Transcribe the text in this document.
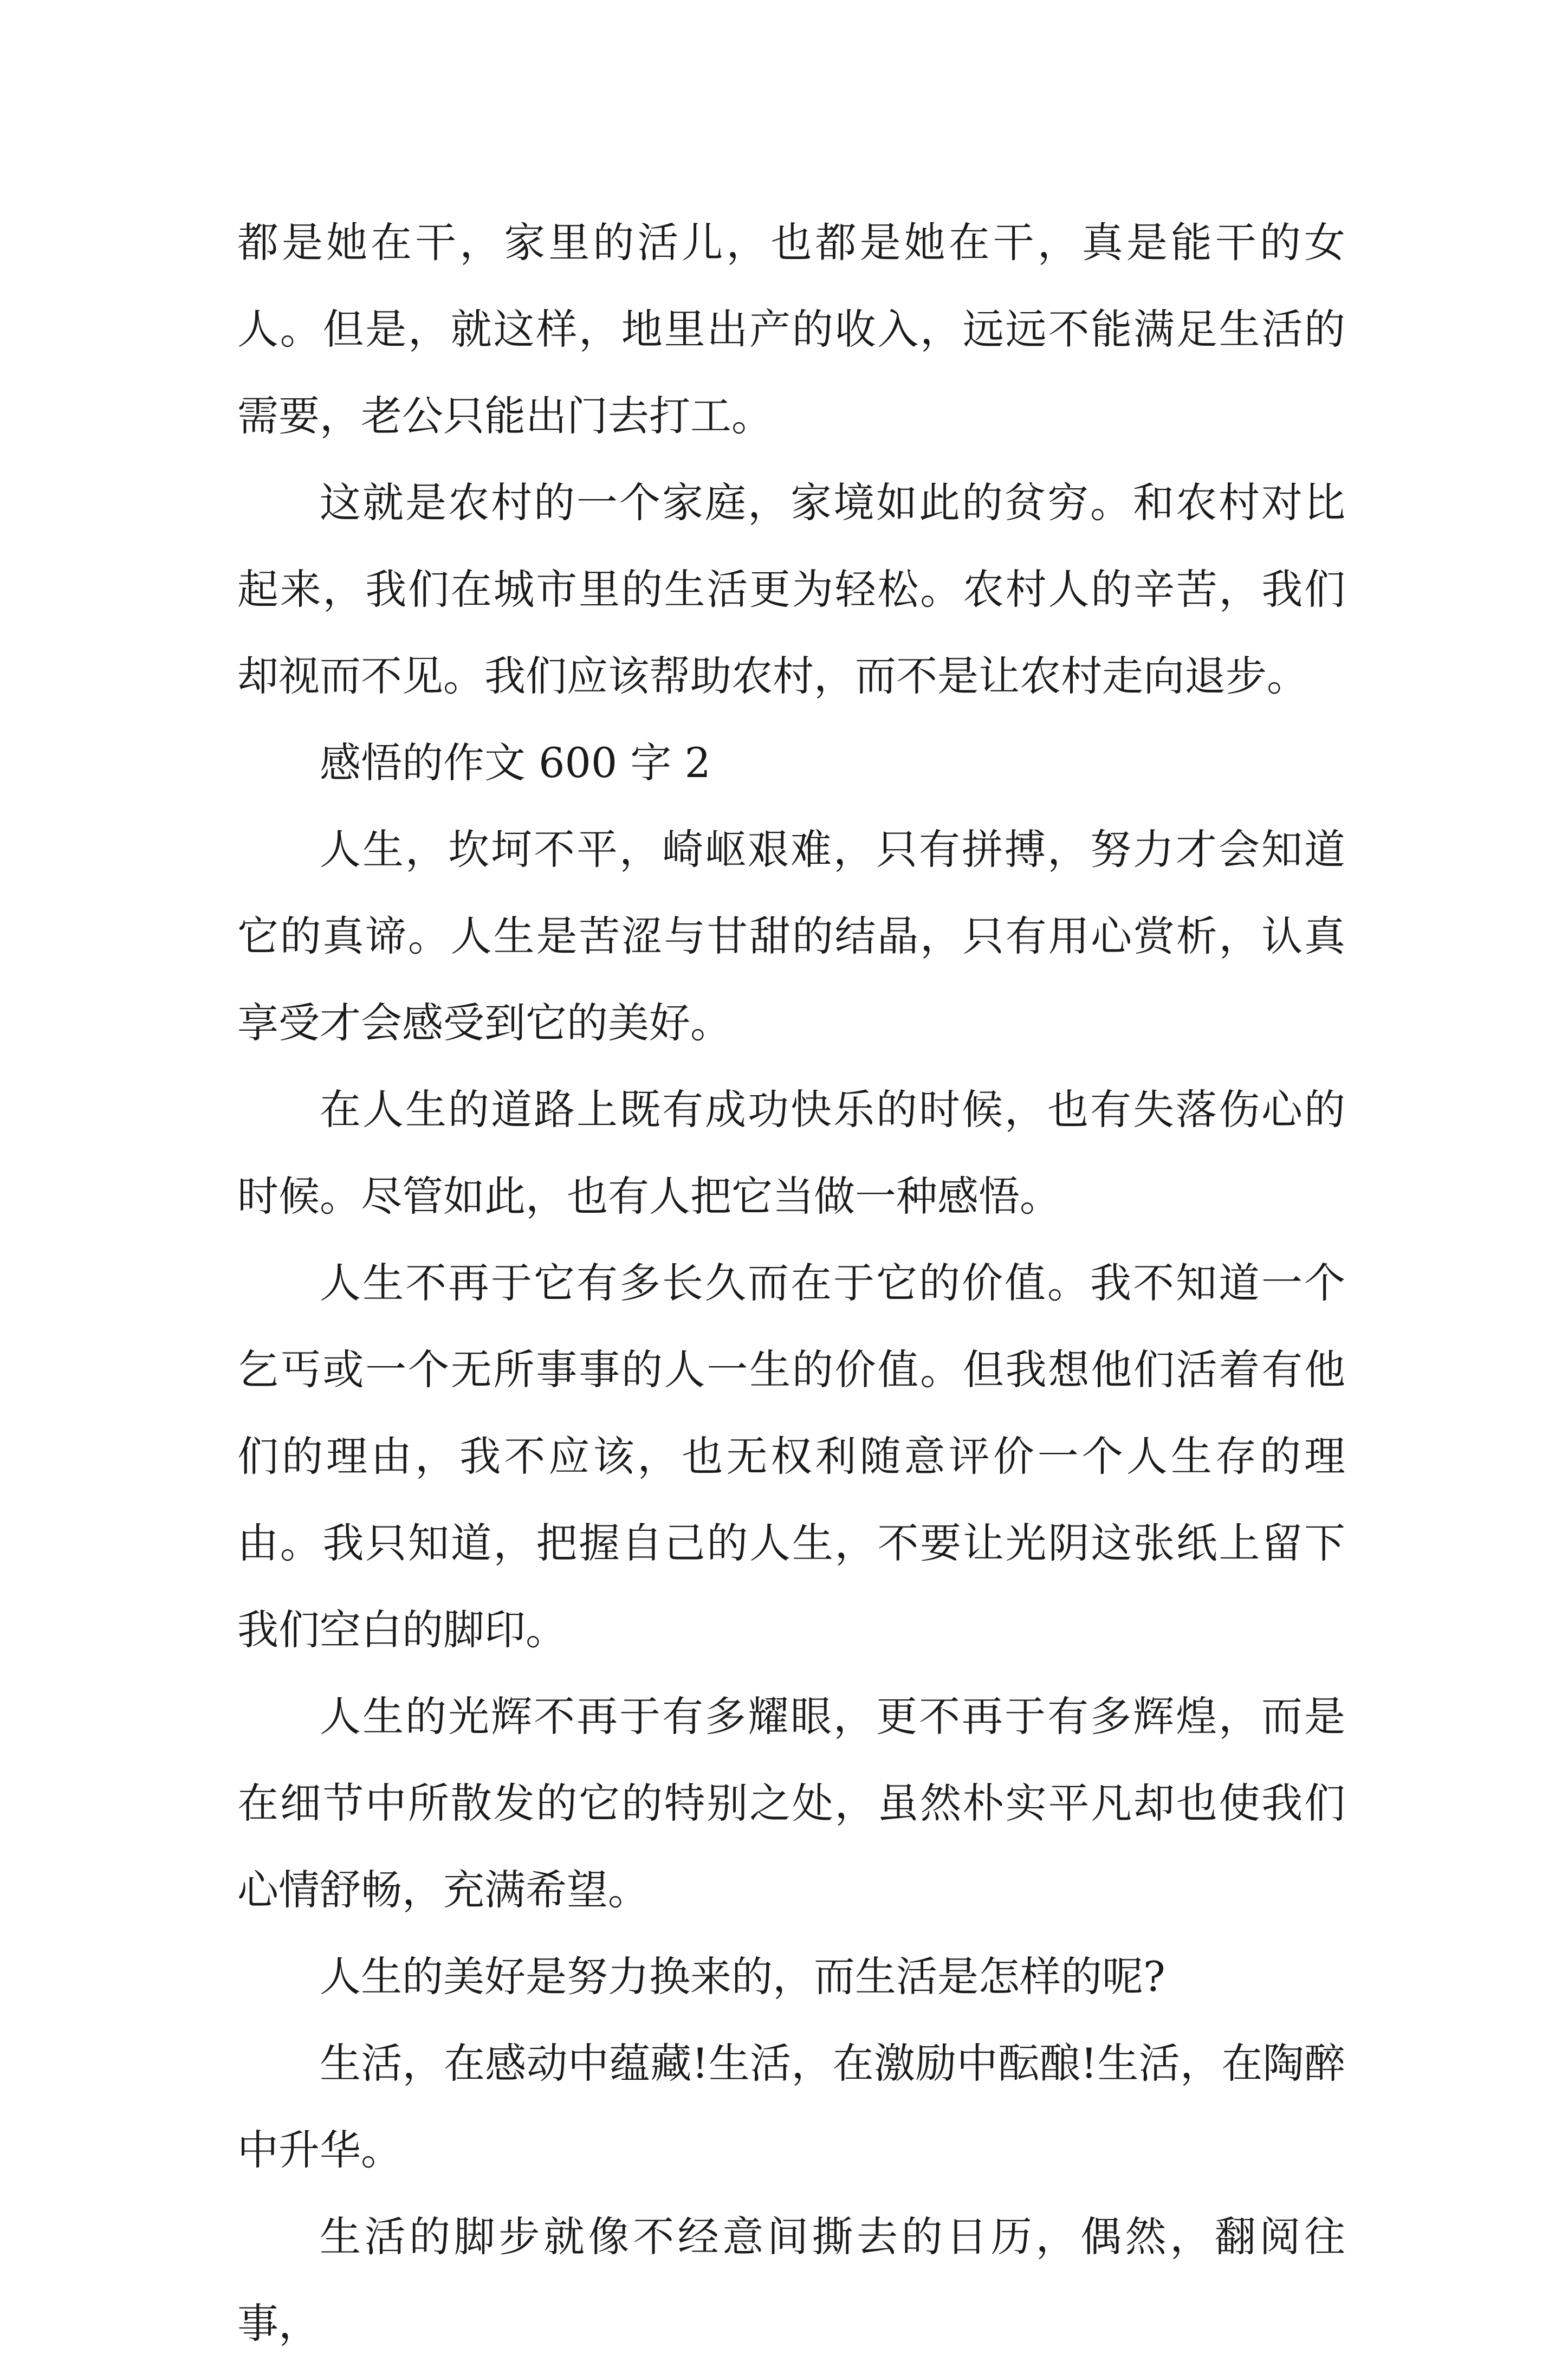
都是她在干，家里的活儿，也都是她在干，真是能干的女人。但是，就这样，地里出产的收入，远远不能满足生活的需要，老公只能出门去打工。

这就是农村的一个家庭，家境如此的贫穷。和农村对比起来，我们在城市里的生活更为轻松。农村人的辛苦，我们却视而不见。我们应该帮助农村，而不是让农村走向退步。

感悟的作文 600 字 2

人生，坎坷不平，崎岖艰难，只有拼搏，努力才会知道它的真谛。人生是苦涩与甘甜的结晶，只有用心赏析，认真享受才会感受到它的美好。

在人生的道路上既有成功快乐的时候，也有失落伤心的时候。尽管如此，也有人把它当做一种感悟。

人生不再于它有多长久而在于它的价值。我不知道一个乞丐或一个无所事事的人一生的价值。但我想他们活着有他们的理由，我不应该，也无权利随意评价一个人生存的理由。我只知道，把握自己的人生，不要让光阴这张纸上留下我们空白的脚印。

人生的光辉不再于有多耀眼，更不再于有多辉煌，而是在细节中所散发的它的特别之处，虽然朴实平凡却也使我们心情舒畅，充满希望。

人生的美好是努力换来的，而生活是怎样的呢?

生活，在感动中蕴藏!生活，在激励中酝酿!生活，在陶醉中升华。

生活的脚步就像不经意间撕去的日历，偶然，翻阅往事，
